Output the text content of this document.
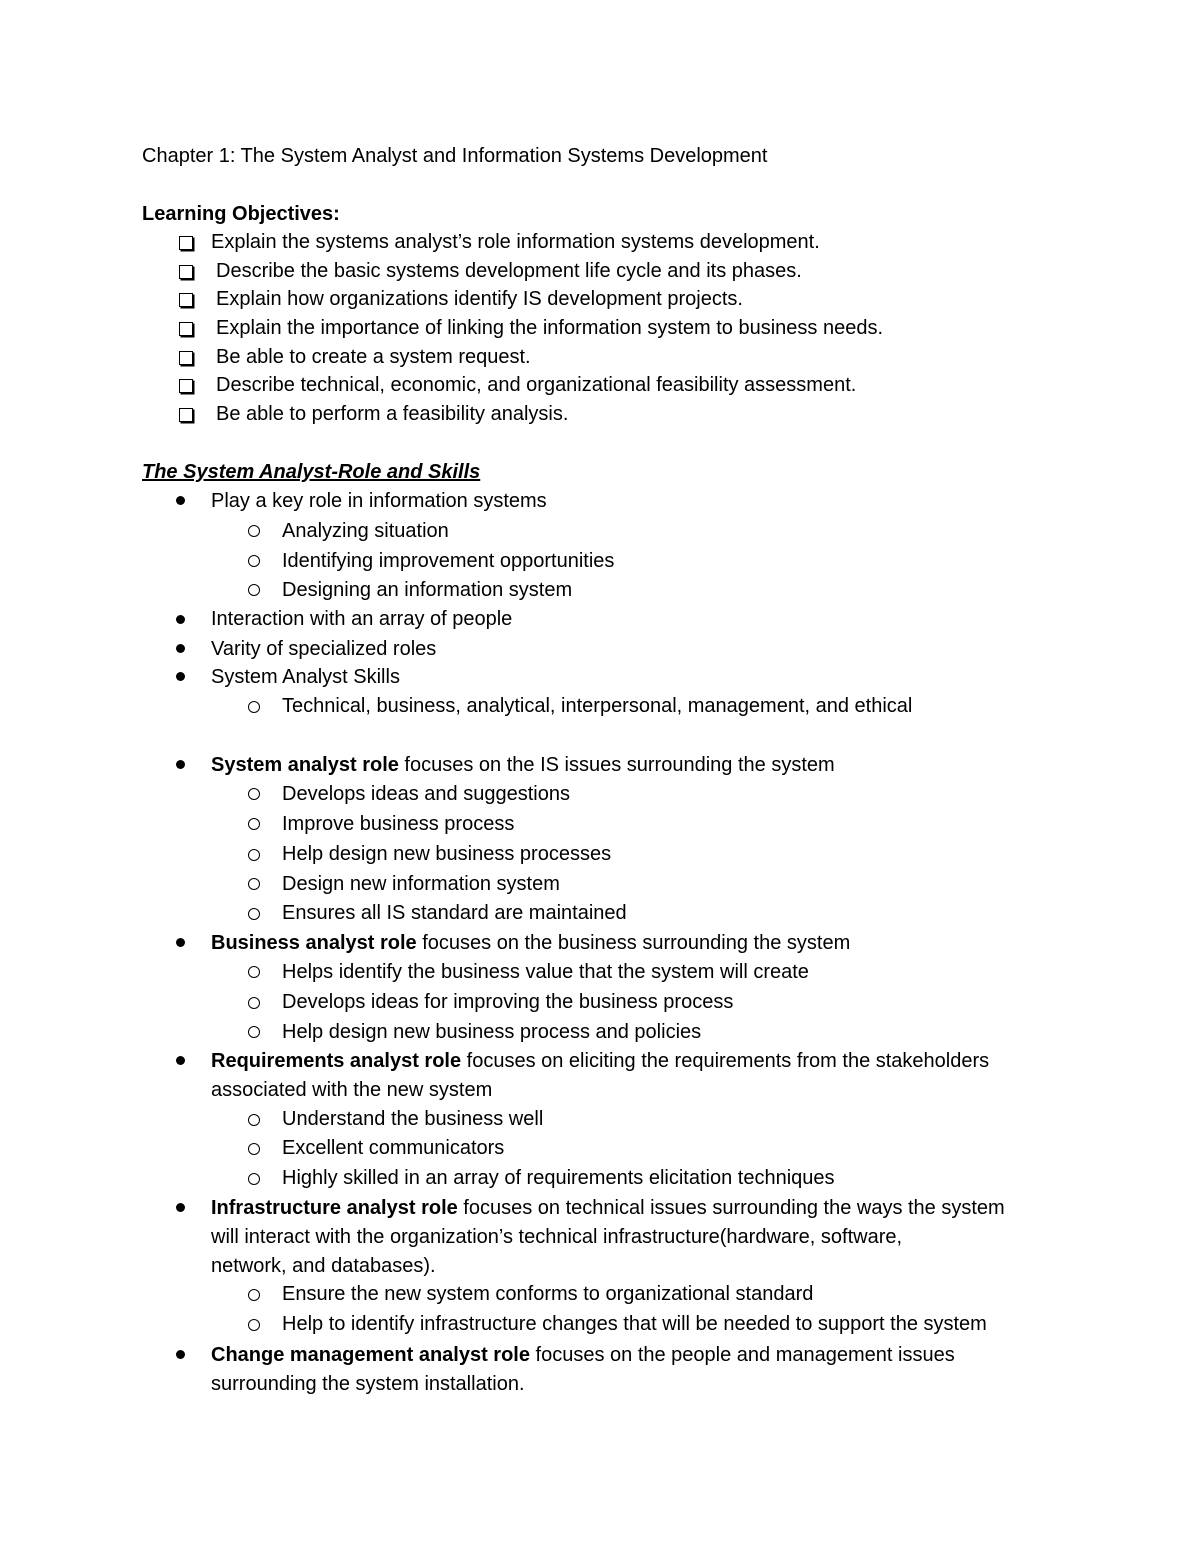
Chapter 1: The System Analyst and Information Systems Development
Learning Objectives:
Explain the systems analyst’s role information systems development.
Describe the basic systems development life cycle and its phases.
Explain how organizations identify IS development projects.
Explain the importance of linking the information system to business needs.
Be able to create a system request.
Describe technical, economic, and organizational feasibility assessment.
Be able to perform a feasibility analysis.
The System Analyst-Role and Skills
Play a key role in information systems
Analyzing situation
Identifying improvement opportunities
Designing an information system
Interaction with an array of people
Varity of specialized roles
System Analyst Skills
Technical, business, analytical, interpersonal, management, and ethical
System analyst role focuses on the IS issues surrounding the system
Develops ideas and suggestions
Improve business process
Help design new business processes
Design new information system
Ensures all IS standard are maintained
Business analyst role focuses on the business surrounding the system
Helps identify the business value that the system will create
Develops ideas for improving the business process
Help design new business process and policies
Requirements analyst role focuses on eliciting the requirements from the stakeholders
associated with the new system
Understand the business well
Excellent communicators
Highly skilled in an array of requirements elicitation techniques
Infrastructure analyst role focuses on technical issues surrounding the ways the system
will interact with the organization’s technical infrastructure(hardware, software,
network, and databases).
Ensure the new system conforms to organizational standard
Help to identify infrastructure changes that will be needed to support the system
Change management analyst role focuses on the people and management issues
surrounding the system installation.
